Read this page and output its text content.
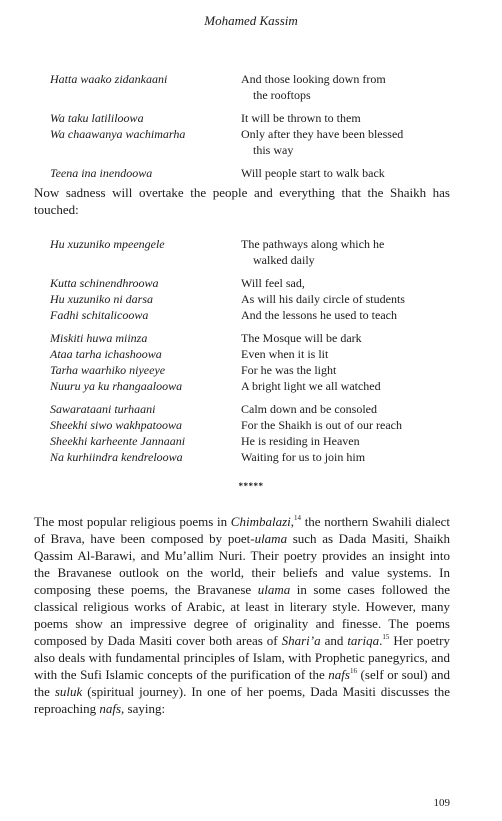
Mohamed Kassim
Hatta waako zidankaani	And those looking down from
the rooftops
Wa taku latililoowa	It will be thrown to them
Wa chaawanya wachimarha	Only after they have been blessed
this way
Teena ina inendoowa	Will people start to walk back

Now sadness will overtake the people and everything that the Shaikh has touched:

Hu xuzuniko mpeengele	The pathways along which he
walked daily
Kutta schinendhroowa	Will feel sad,
Hu xuzuniko ni darsa	As will his daily circle of students
Fadhi schitalicoowa	And the lessons he used to teach
Miskiti huwa miinza	The Mosque will be dark
Ataa tarha ichashoowa	Even when it is lit
Tarha waarhiko niyeeye	For he was the light
Nuuru ya ku rhangaaloowa	A bright light we all watched
Sawarataani turhaani	Calm down and be consoled
Sheekhi siwo wakhpatoowa	For the Shaikh is out of our reach
Sheekhi karheente Jannaani	He is residing in Heaven
Na kurhiindra kendreloowa	Waiting for us to join him
*****

The most popular religious poems in Chimbalazi,$^{14}$ the northern Swahili dialect of Brava, have been composed by poet-ulama such as Dada Masiti, Shaikh Qassim Al-Barawi, and Mu’allim Nuri. Their poetry provides an insight into the Bravanese outlook on the world, their beliefs and value systems. In composing these poems, the Bravanese ulama in some cases followed the classical religious works of Arabic, at least in literary style. However, many poems show an impressive degree of originality and finesse. The poems composed by Dada Masiti cover both areas of Shari’a and tariqa.$^{15}$ Her poetry also deals with fundamental principles of Islam, with Prophetic panegyrics, and with the Sufi Islamic concepts of the purification of the nafs$^{16}$ (self or soul) and the suluk (spiritual journey). In one of her poems, Dada Masiti discusses the reproaching nafs, saying:

109
